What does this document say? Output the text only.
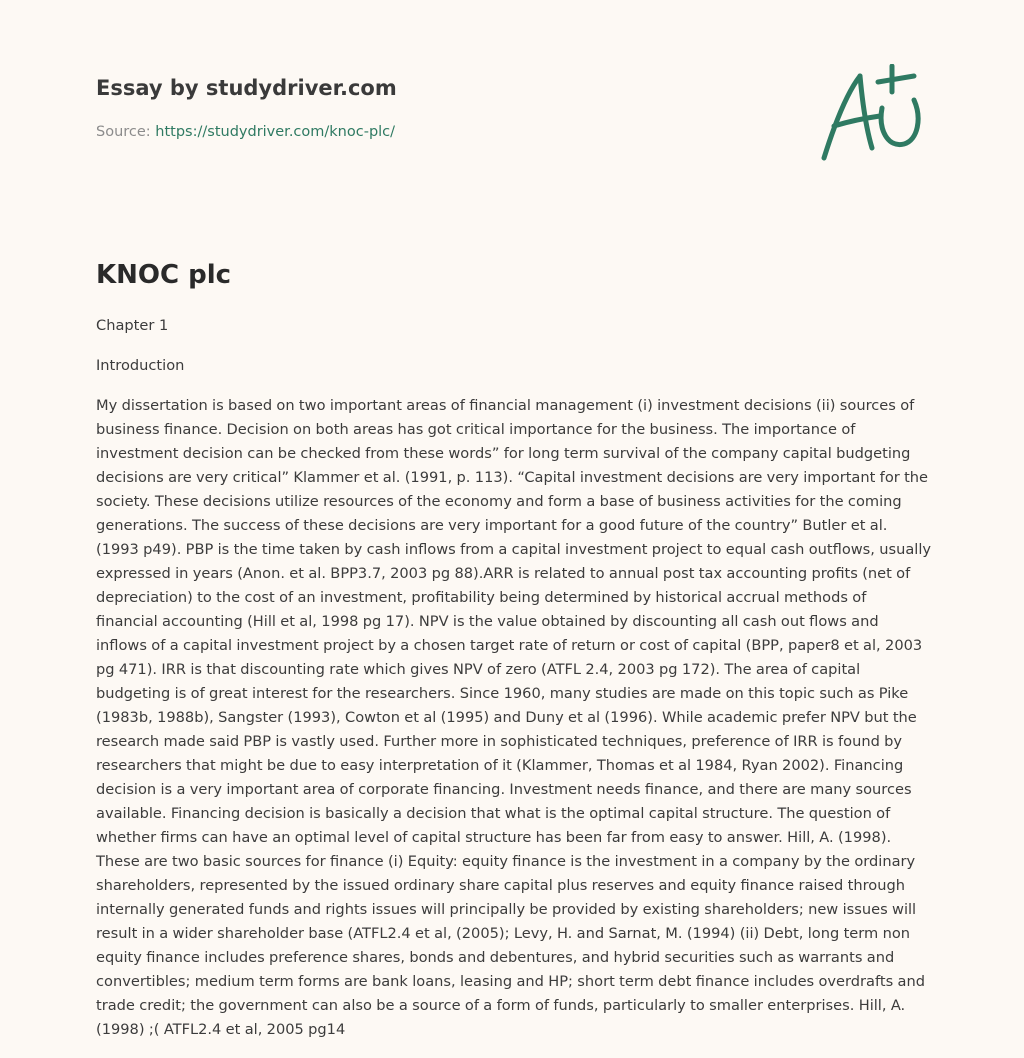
Essay by studydriver.com
Source: https://studydriver.com/knoc-plc/
KNOC plc

Chapter 1

Introduction

My dissertation is based on two important areas of financial management (i) investment decisions (ii) sources of business finance. Decision on both areas has got critical importance for the business. The importance of investment decision can be checked from these words” for long term survival of the company capital budgeting decisions are very critical” Klammer et al. (1991, p. 113). “Capital investment decisions are very important for the society. These decisions utilize resources of the economy and form a base of business activities for the coming generations. The success of these decisions are very important for a good future of the country” Butler et al. (1993 p49). PBP is the time taken by cash inflows from a capital investment project to equal cash outflows, usually expressed in years (Anon. et al. BPP3.7, 2003 pg 88).ARR is related to annual post tax accounting profits (net of depreciation) to the cost of an investment, profitability being determined by historical accrual methods of financial accounting (Hill et al, 1998 pg 17). NPV is the value obtained by discounting all cash out flows and inflows of a capital investment project by a chosen target rate of return or cost of capital (BPP, paper8 et al, 2003 pg 471). IRR is that discounting rate which gives NPV of zero (ATFL 2.4, 2003 pg 172). The area of capital budgeting is of great interest for the researchers. Since 1960, many studies are made on this topic such as Pike (1983b, 1988b), Sangster (1993), Cowton et al (1995) and Duny et al (1996). While academic prefer NPV but the research made said PBP is vastly used. Further more in sophisticated techniques, preference of IRR is found by researchers that might be due to easy interpretation of it (Klammer, Thomas et al 1984, Ryan 2002). Financing decision is a very important area of corporate financing. Investment needs finance, and there are many sources available. Financing decision is basically a decision that what is the optimal capital structure. The question of whether firms can have an optimal level of capital structure has been far from easy to answer. Hill, A. (1998). These are two basic sources for finance (i) Equity: equity finance is the investment in a company by the ordinary shareholders, represented by the issued ordinary share capital plus reserves and equity finance raised through internally generated funds and rights issues will principally be provided by existing shareholders; new issues will result in a wider shareholder base (ATFL2.4 et al, (2005); Levy, H. and Sarnat, M. (1994) (ii) Debt, long term non equity finance includes preference shares, bonds and debentures, and hybrid securities such as warrants and convertibles; medium term forms are bank loans, leasing and HP; short term debt finance includes overdrafts and trade credit; the government can also be a source of a form of funds, particularly to smaller enterprises. Hill, A. (1998) ;( ATFL2.4 et al, 2005 pg14
